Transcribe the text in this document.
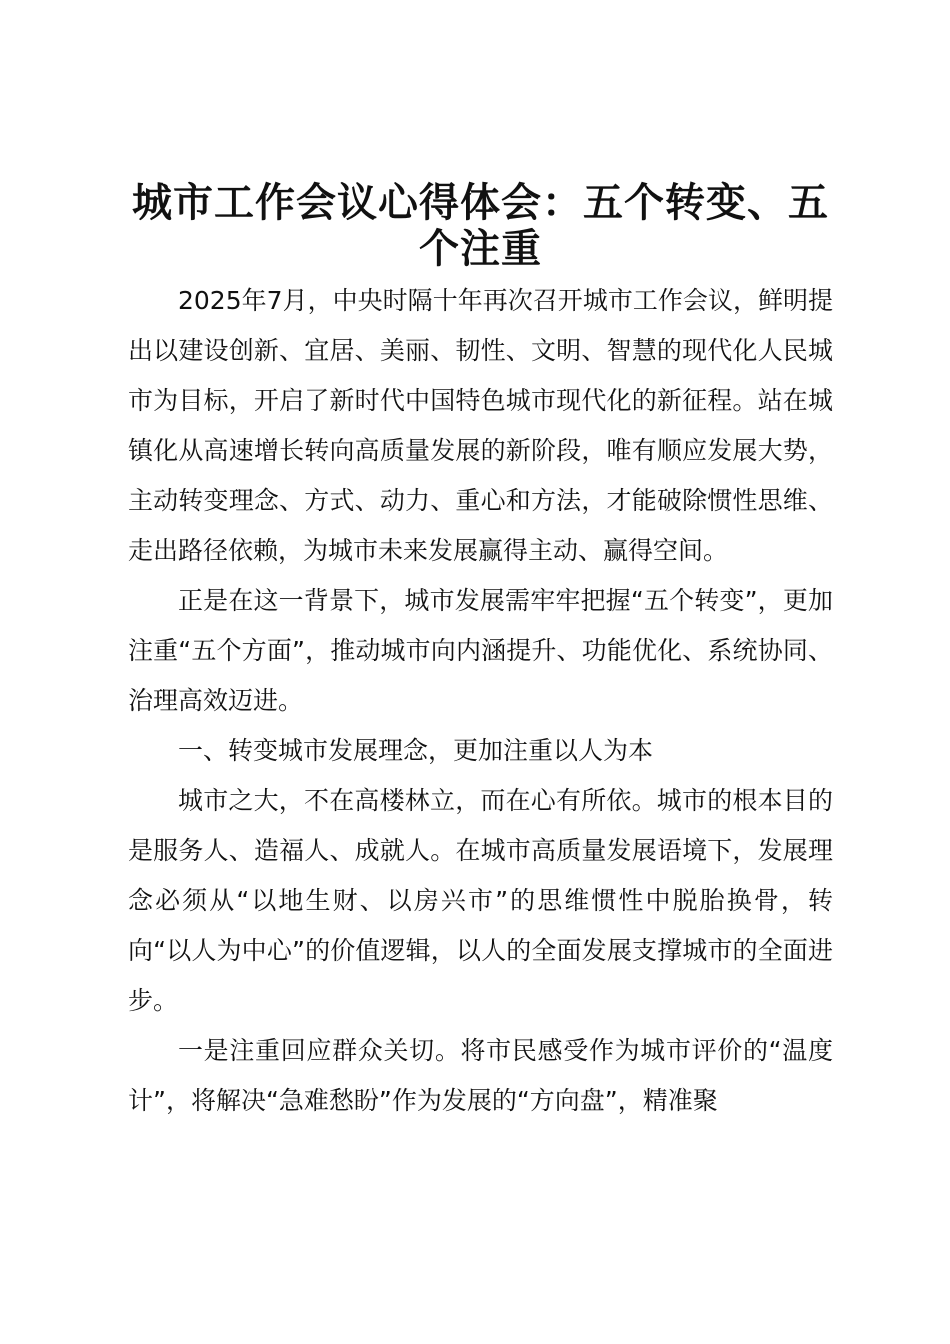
城市工作会议心得体会：五个转变、五个注重

2025年7月，中央时隔十年再次召开城市工作会议，鲜明提出以建设创新、宜居、美丽、韧性、文明、智慧的现代化人民城市为目标，开启了新时代中国特色城市现代化的新征程。站在城镇化从高速增长转向高质量发展的新阶段，唯有顺应发展大势，主动转变理念、方式、动力、重心和方法，才能破除惯性思维、走出路径依赖，为城市未来发展赢得主动、赢得空间。

正是在这一背景下，城市发展需牢牢把握“五个转变”，更加注重“五个方面”，推动城市向内涵提升、功能优化、系统协同、治理高效迈进。

一、转变城市发展理念，更加注重以人为本

城市之大，不在高楼林立，而在心有所依。城市的根本目的是服务人、造福人、成就人。在城市高质量发展语境下，发展理念必须从“以地生财、以房兴市”的思维惯性中脱胎换骨，转向“以人为中心”的价值逻辑，以人的全面发展支撑城市的全面进步。

一是注重回应群众关切。将市民感受作为城市评价的“温度计”，将解决“急难愁盼”作为发展的“方向盘”，精准聚
